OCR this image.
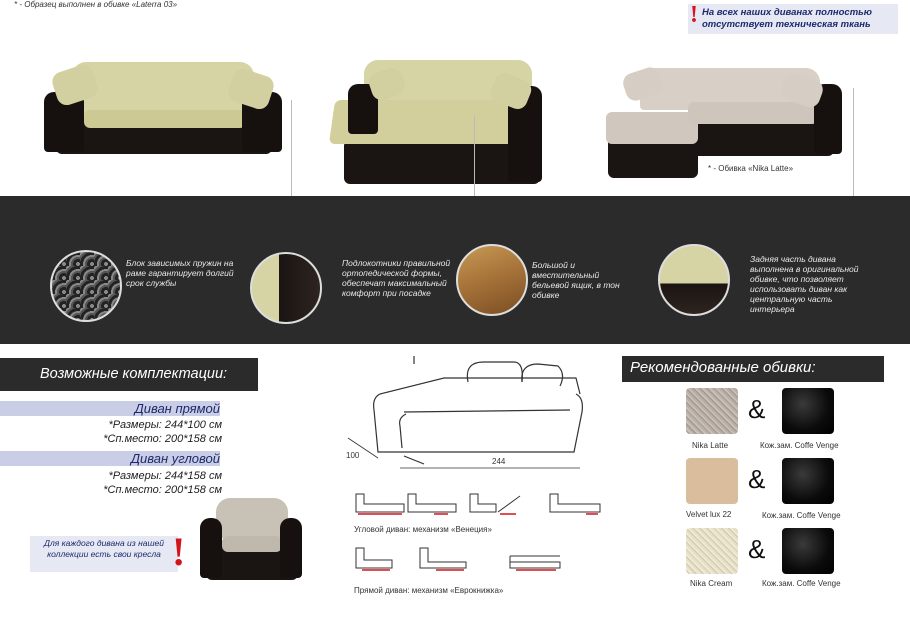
* - Образец выполнен в обивке «Laterra 03»	! На всех наших диванах полностью отсутствует техническая ткань
* - Обивка «Nika Latte»
Блок зависимых пружин на раме гарантирует долгий срок службы
Подлокотники правильной ортопедической формы, обеспечат максимальный комфорт при посадке
Большой и вместительный бельевой ящик, в тон обивке
Задняя часть дивана выполнена в оригинальной обивке, что позволяет использовать диван как центральную часть интерьера
Возможные комплектации:
Диван прямой
*Размеры: 244*100 см
*Сп.место: 200*158 см
Диван угловой
*Размеры: 244*158 см
*Сп.место: 200*158 см
Для каждого дивана из нашей коллекции есть свои кресла !
100
244
Угловой диван: механизм «Венеция»
Прямой диван: механизм «Еврокнижка»
Рекомендованные обивки:
Nika Latte
&
Кож.зам. Coffe Venge
Velvet lux 22
&
Кож.зам. Coffe Venge
Nika Cream
&
Кож.зам. Coffe Venge
